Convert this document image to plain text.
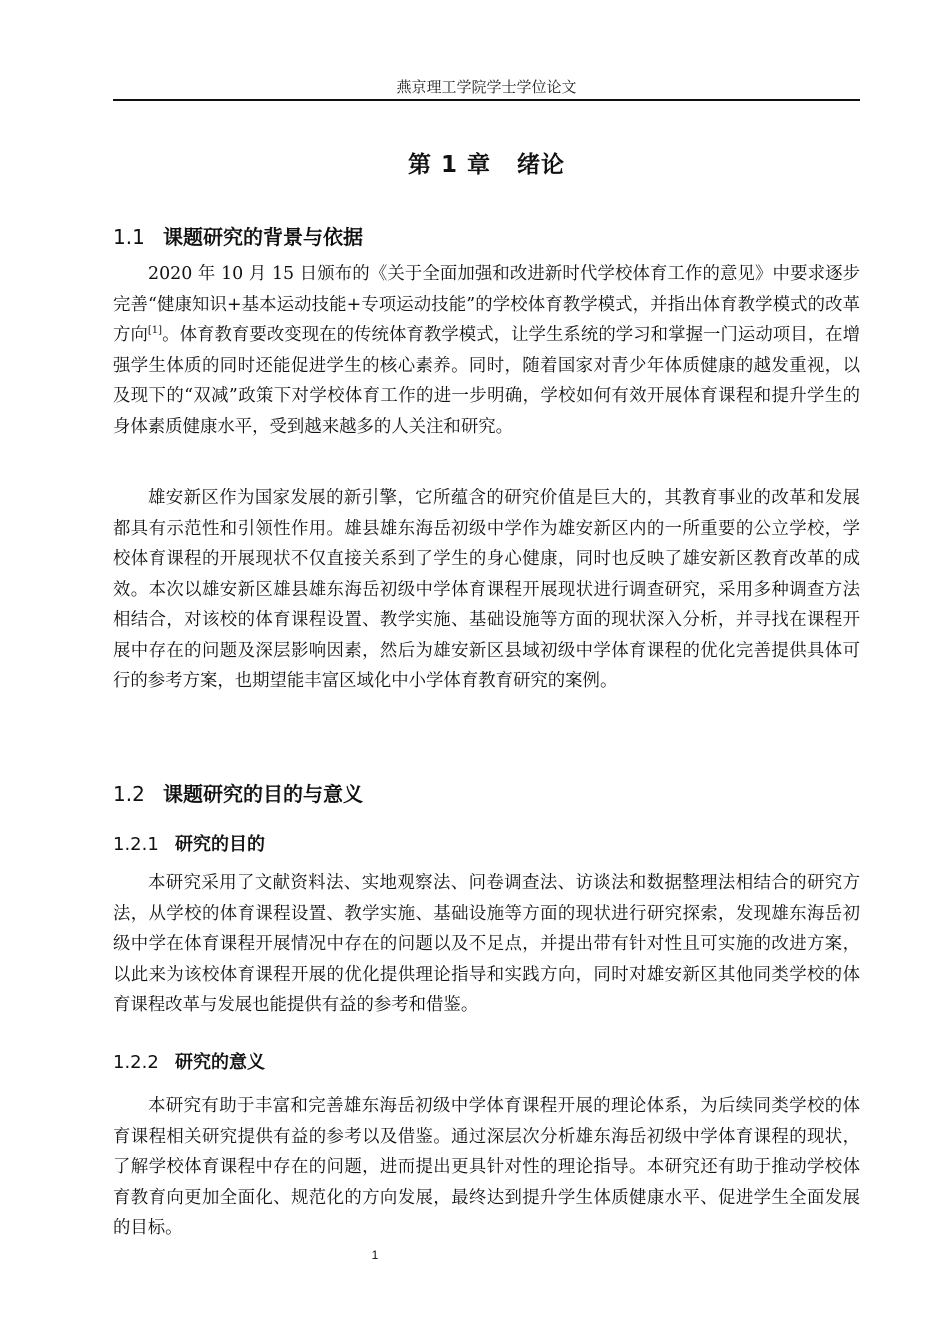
燕京理工学院学士学位论文
第 1 章 绪论
1.1 课题研究的背景与依据
2020 年 10 月 15 日颁布的《关于全面加强和改进新时代学校体育工作的意见》中要求逐步完善“健康知识+基本运动技能+专项运动技能”的学校体育教学模式，并指出体育教学模式的改革方向[1]。体育教育要改变现在的传统体育教学模式，让学生系统的学习和掌握一门运动项目，在增强学生体质的同时还能促进学生的核心素养。同时，随着国家对青少年体质健康的越发重视，以及现下的“双减”政策下对学校体育工作的进一步明确，学校如何有效开展体育课程和提升学生的身体素质健康水平，受到越来越多的人关注和研究。
雄安新区作为国家发展的新引擎，它所蕴含的研究价值是巨大的，其教育事业的改革和发展都具有示范性和引领性作用。雄县雄东海岳初级中学作为雄安新区内的一所重要的公立学校，学校体育课程的开展现状不仅直接关系到了学生的身心健康，同时也反映了雄安新区教育改革的成效。本次以雄安新区雄县雄东海岳初级中学体育课程开展现状进行调查研究，采用多种调查方法相结合，对该校的体育课程设置、教学实施、基础设施等方面的现状深入分析，并寻找在课程开展中存在的问题及深层影响因素，然后为雄安新区县域初级中学体育课程的优化完善提供具体可行的参考方案，也期望能丰富区域化中小学体育教育研究的案例。
1.2 课题研究的目的与意义
1.2.1 研究的目的
本研究采用了文献资料法、实地观察法、问卷调查法、访谈法和数据整理法相结合的研究方法，从学校的体育课程设置、教学实施、基础设施等方面的现状进行研究探索，发现雄东海岳初级中学在体育课程开展情况中存在的问题以及不足点，并提出带有针对性且可实施的改进方案，以此来为该校体育课程开展的优化提供理论指导和实践方向，同时对雄安新区其他同类学校的体育课程改革与发展也能提供有益的参考和借鉴。
1.2.2 研究的意义
本研究有助于丰富和完善雄东海岳初级中学体育课程开展的理论体系，为后续同类学校的体育课程相关研究提供有益的参考以及借鉴。通过深层次分析雄东海岳初级中学体育课程的现状，了解学校体育课程中存在的问题，进而提出更具针对性的理论指导。本研究还有助于推动学校体育教育向更加全面化、规范化的方向发展，最终达到提升学生体质健康水平、促进学生全面发展的目标。
1
